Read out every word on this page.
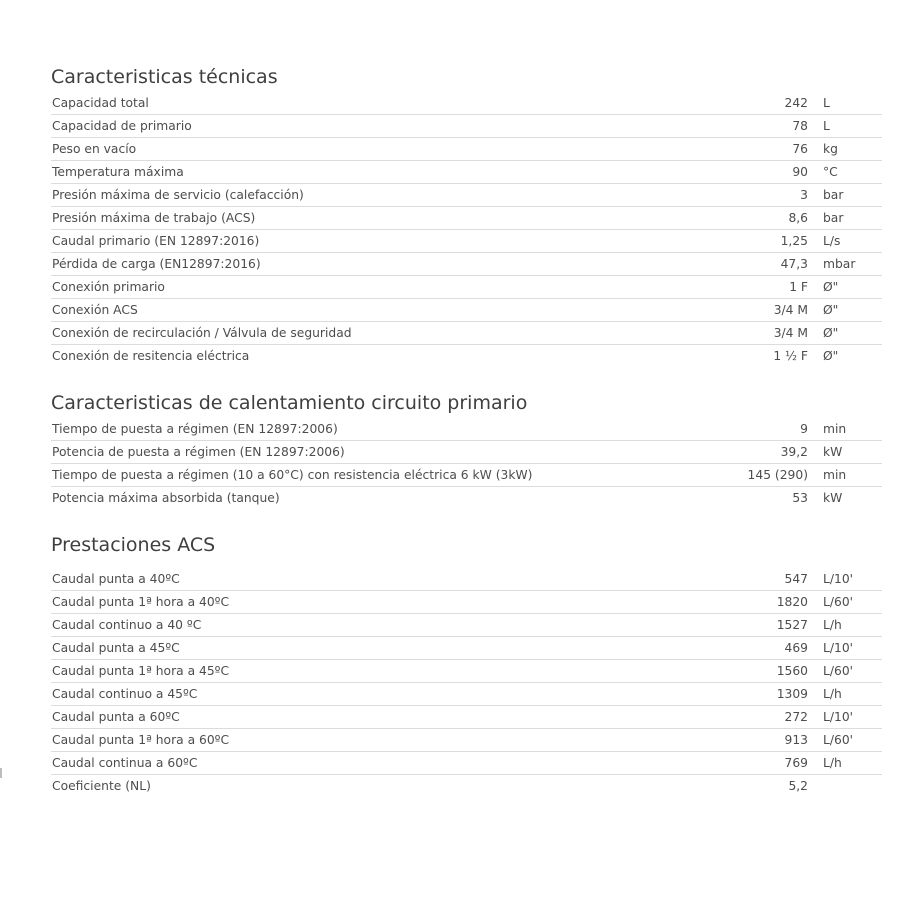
Caracteristicas técnicas
Capacidad total	242 L
Capacidad de primario	78 L
Peso en vacío	76 kg
Temperatura máxima	90 °C
Presión máxima de servicio (calefacción)	3 bar
Presión máxima de trabajo (ACS)	8,6 bar
Caudal primario (EN 12897:2016)	1,25 L/s
Pérdida de carga (EN12897:2016)	47,3 mbar
Conexión primario	1 F Ø"
Conexión ACS	3/4 M Ø"
Conexión de recirculación / Válvula de seguridad	3/4 M Ø"
Conexión de resitencia eléctrica	1 ½ F Ø"
Caracteristicas de calentamiento circuito primario
Tiempo de puesta a régimen (EN 12897:2006)	9 min
Potencia de puesta a régimen (EN 12897:2006)	39,2 kW
Tiempo de puesta a régimen (10 a 60°C) con resistencia eléctrica 6 kW (3kW)	145 (290) min
Potencia máxima absorbida (tanque)	53 kW
Prestaciones ACS
Caudal punta a 40ºC	547 L/10'
Caudal punta 1ª hora a 40ºC	1820 L/60'
Caudal continuo a 40 ºC	1527 L/h
Caudal punta a 45ºC	469 L/10'
Caudal punta 1ª hora a 45ºC	1560 L/60'
Caudal continuo a 45ºC	1309 L/h
Caudal punta a 60ºC	272 L/10'
Caudal punta 1ª hora a 60ºC	913 L/60'
Caudal continua a 60ºC	769 L/h
Coeficiente (NL)	5,2
